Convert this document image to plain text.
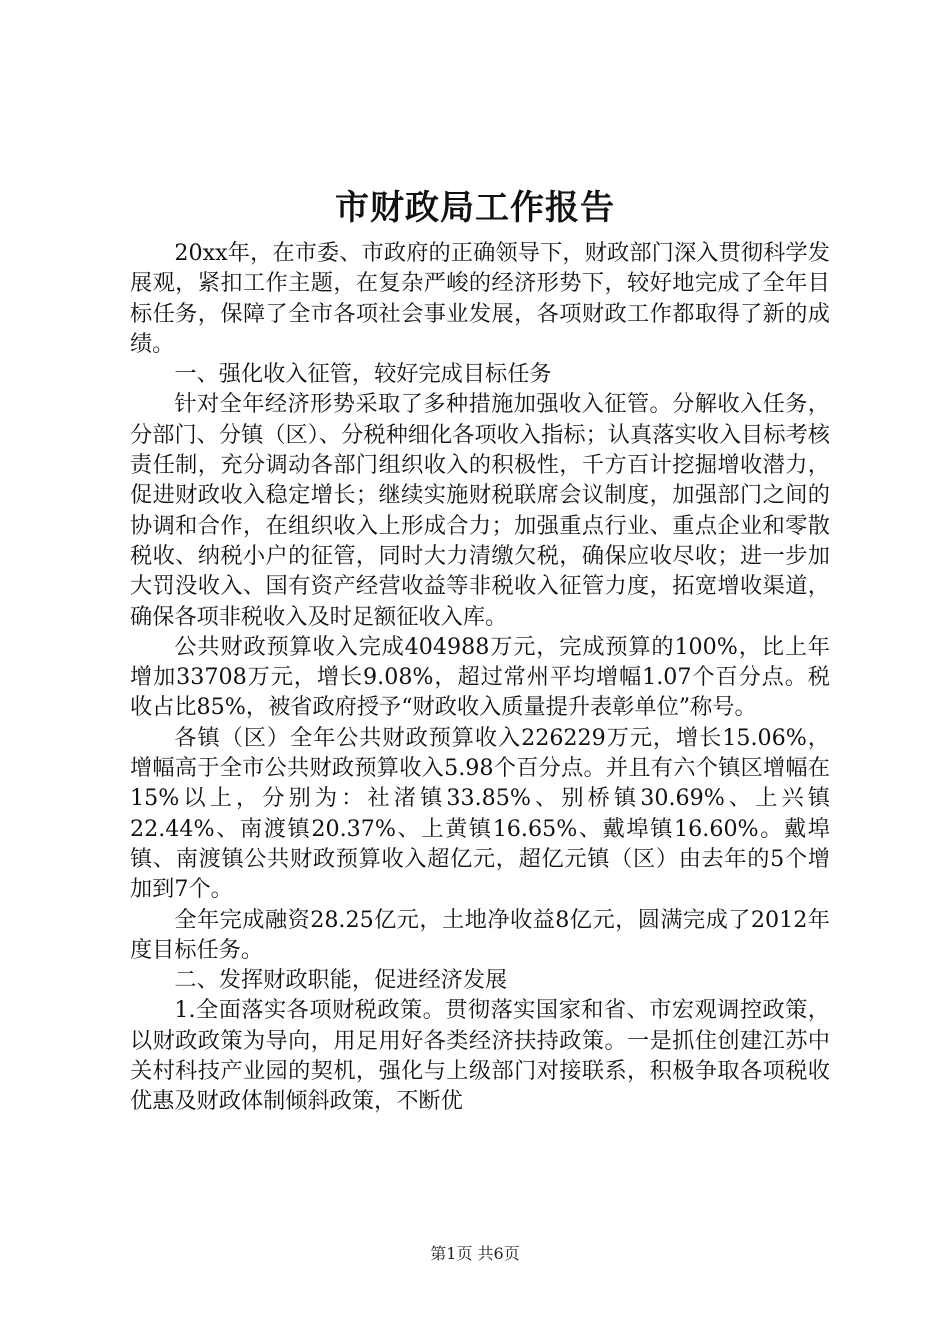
市财政局工作报告

20xx年，在市委、市政府的正确领导下，财政部门深入贯彻科学发展观，紧扣工作主题，在复杂严峻的经济形势下，较好地完成了全年目标任务，保障了全市各项社会事业发展，各项财政工作都取得了新的成绩。

一、强化收入征管，较好完成目标任务

针对全年经济形势采取了多种措施加强收入征管。分解收入任务，分部门、分镇（区）、分税种细化各项收入指标；认真落实收入目标考核责任制，充分调动各部门组织收入的积极性，千方百计挖掘增收潜力，促进财政收入稳定增长；继续实施财税联席会议制度，加强部门之间的协调和合作，在组织收入上形成合力；加强重点行业、重点企业和零散税收、纳税小户的征管，同时大力清缴欠税，确保应收尽收；进一步加大罚没收入、国有资产经营收益等非税收入征管力度，拓宽增收渠道，确保各项非税收入及时足额征收入库。

公共财政预算收入完成404988万元，完成预算的100%，比上年增加33708万元，增长9.08%，超过常州平均增幅1.07个百分点。税收占比85%，被省政府授予“财政收入质量提升表彰单位”称号。

各镇（区）全年公共财政预算收入226229万元，增长15.06%，增幅高于全市公共财政预算收入5.98个百分点。并且有六个镇区增幅在15%以上，分别为：社渚镇33.85%、别桥镇30.69%、上兴镇22.44%、南渡镇20.37%、上黄镇16.65%、戴埠镇16.60%。戴埠镇、南渡镇公共财政预算收入超亿元，超亿元镇（区）由去年的5个增加到7个。

全年完成融资28.25亿元，土地净收益8亿元，圆满完成了2012年度目标任务。

二、发挥财政职能，促进经济发展

1.全面落实各项财税政策。贯彻落实国家和省、市宏观调控政策，以财政政策为导向，用足用好各类经济扶持政策。一是抓住创建江苏中关村科技产业园的契机，强化与上级部门对接联系，积极争取各项税收优惠及财政体制倾斜政策，不断优

第1页 共6页
